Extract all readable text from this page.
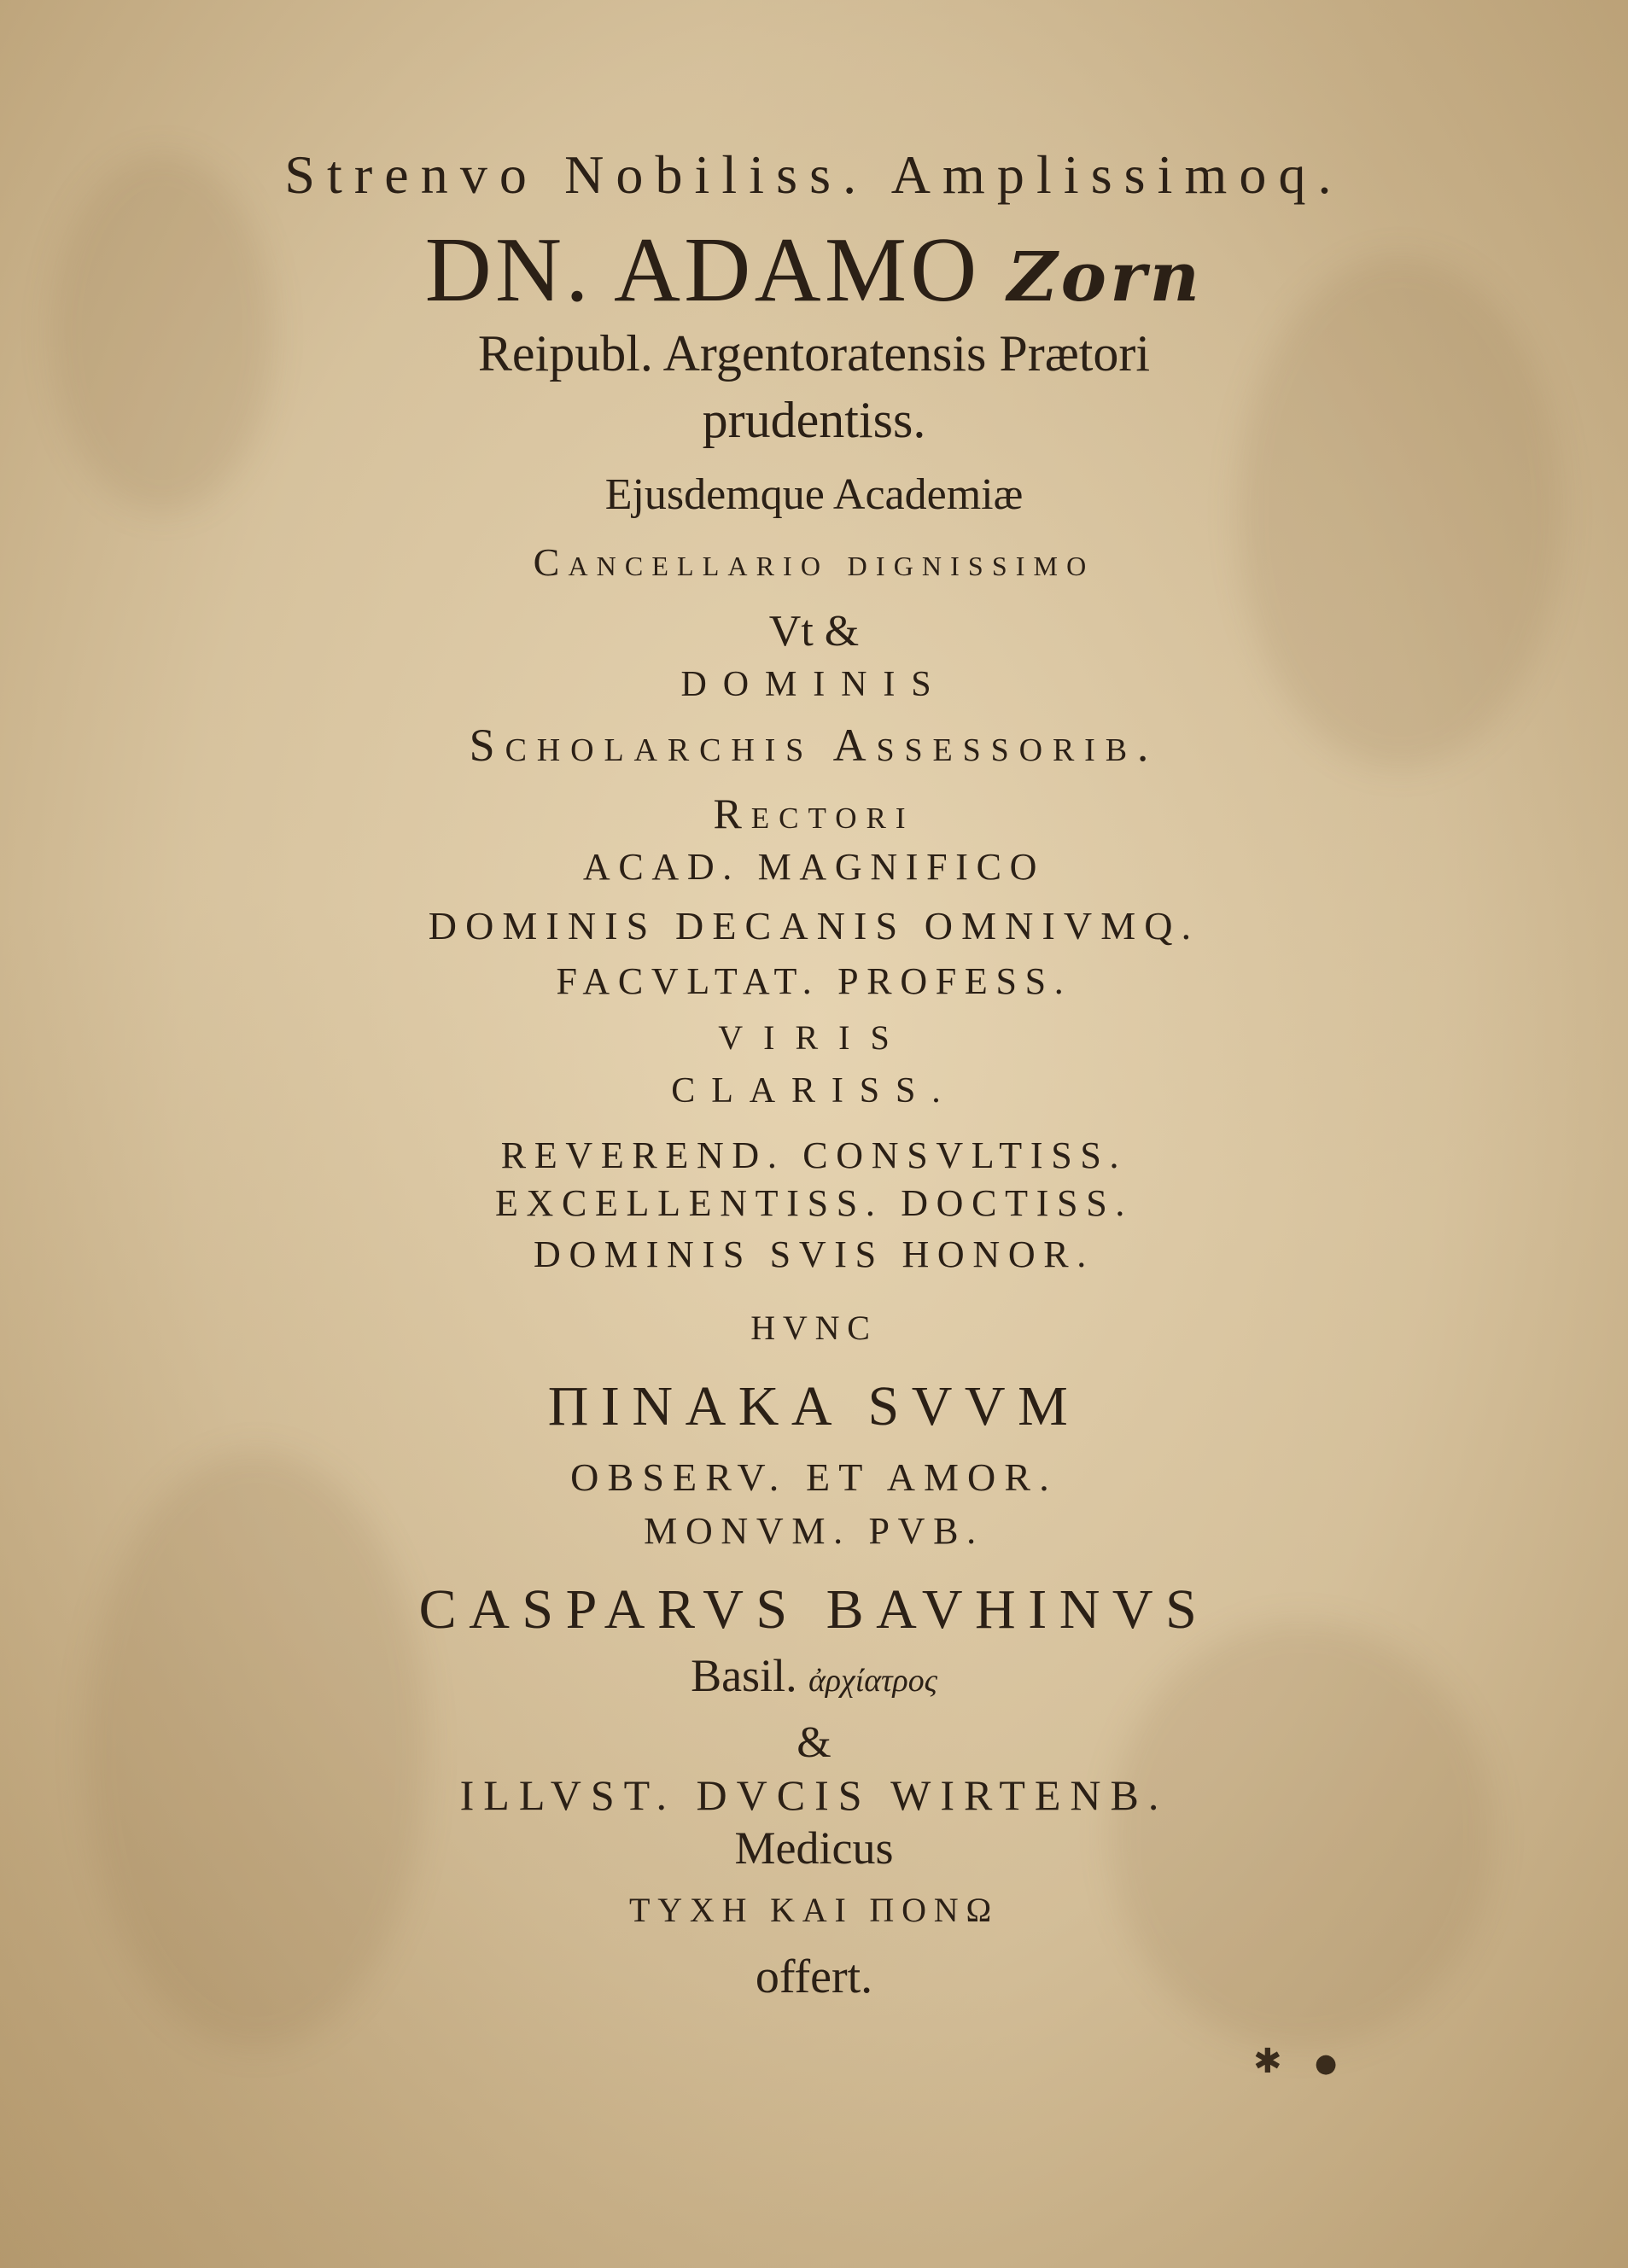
Strenvo Nobiliss. Amplissimoq.
DN. ADAMO Zorn
Reipubl. Argentoratensis Prætori
prudentiss.
Ejusdemque Academiæ
Cancellario dignissimo
Vt &
DOMINIS
Scholarchis Assessorib.
Rectori
ACAD. MAGNIFICO
DOMINIS DECANIS OMNIVMQ.
FACVLTAT. PROFESS.
VIRIS
CLARISS.
REVEREND. CONSVLTISS.
EXCELLENTISS. DOCTISS.
DOMINIS SVIS HONOR.
HVNC
ΠΙΝΑΚΑ SVVM
OBSERV. ET AMOR.
MONVM. PVB.
CASPARVS BAVHINVS
Basil. ἀρχίατρος
&
ILLVST. DVCIS WIRTENB.
Medicus
ΤΥΧΗ ΚΑΙ ΠΟΝΩ
offert.
✱ ●
